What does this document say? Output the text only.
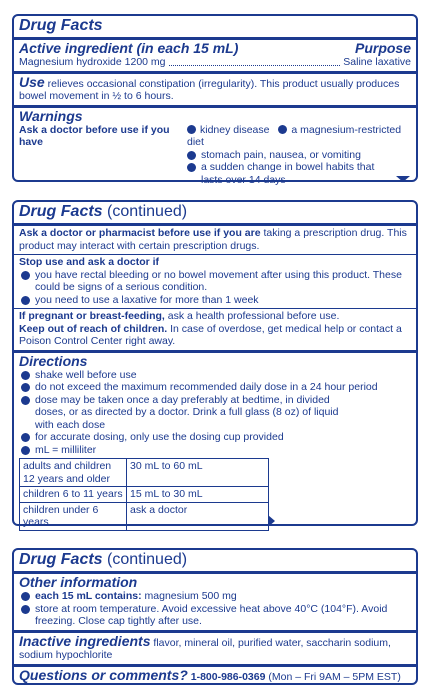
Drug Facts
Active ingredient (in each 15 mL)	Purpose
Magnesium hydroxide 1200 mg	Saline laxative
Use relieves occasional constipation (irregularity). This product usually produces bowel movement in ½ to 6 hours.
Warnings
Ask a doctor before use if you have
kidney disease a magnesium-restricted diet
stomach pain, nausea, or vomiting
a sudden change in bowel habits that lasts over 14 days
Drug Facts (continued)
Ask a doctor or pharmacist before use if you are taking a prescription drug. This product may interact with certain prescription drugs.
Stop use and ask a doctor if
you have rectal bleeding or no bowel movement after using this product. These could be signs of a serious condition.
you need to use a laxative for more than 1 week
If pregnant or breast-feeding, ask a health professional before use.
Keep out of reach of children. In case of overdose, get medical help or contact a Poison Control Center right away.
Directions
shake well before use
do not exceed the maximum recommended daily dose in a 24 hour period
dose may be taken once a day preferably at bedtime, in divided doses, or as directed by a doctor. Drink a full glass (8 oz) of liquid with each dose
for accurate dosing, only use the dosing cup provided
mL = milliliter
adults and children 12 years and older	30 mL to 60 mL
children 6 to 11 years	15 mL to 30 mL
children under 6 years	ask a doctor
Drug Facts (continued)
Other information
each 15 mL contains: magnesium 500 mg
store at room temperature. Avoid excessive heat above 40°C (104°F). Avoid freezing. Close cap tightly after use.
Inactive ingredients flavor, mineral oil, purified water, saccharin sodium, sodium hypochlorite
Questions or comments? 1-800-986-0369 (Mon – Fri 9AM – 5PM EST)
